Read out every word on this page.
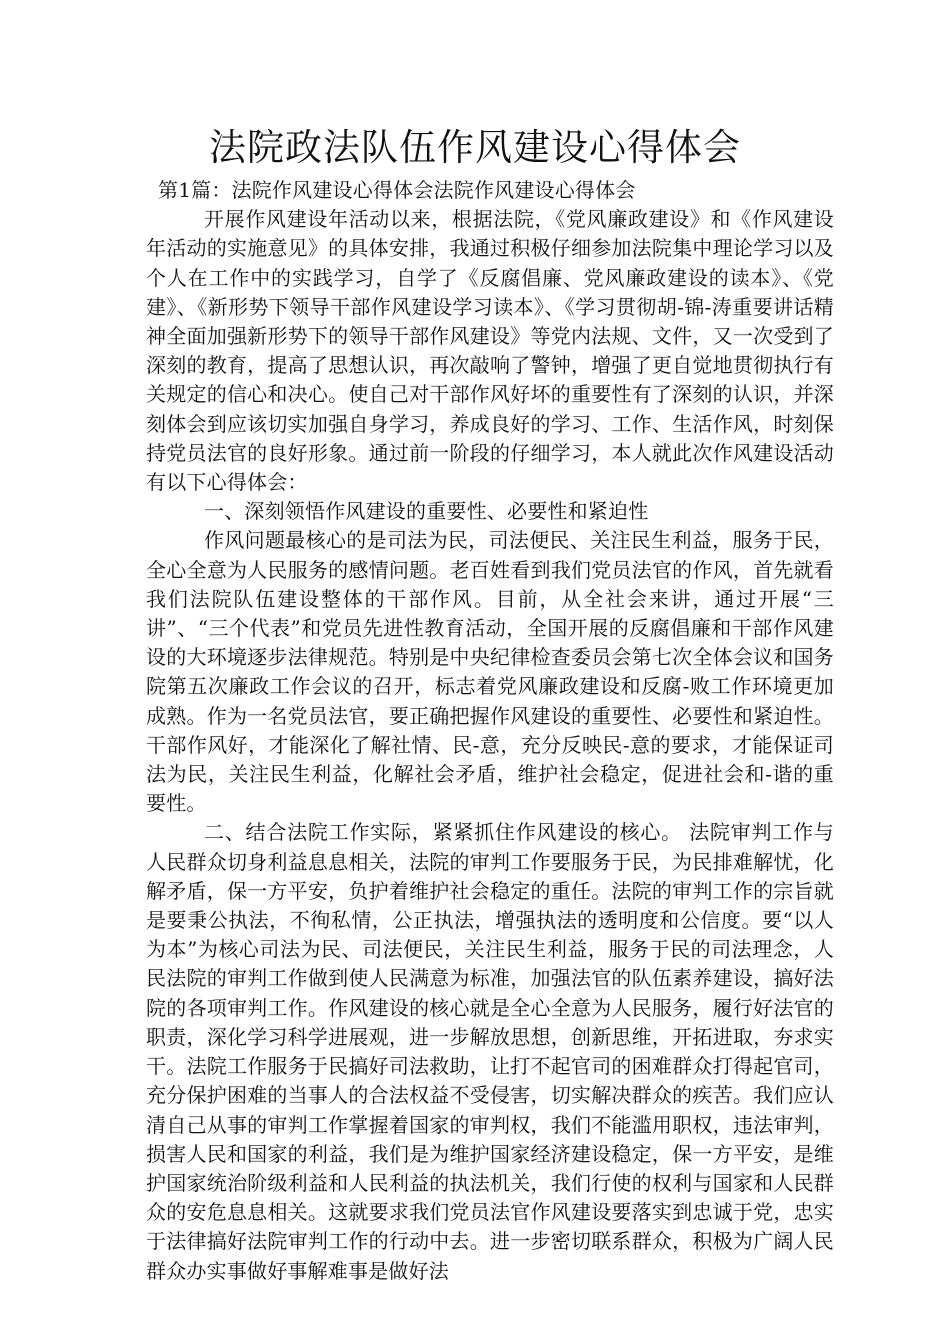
法院政法队伍作风建设心得体会

第1篇：法院作风建设心得体会法院作风建设心得体会

开展作风建设年活动以来，根据法院，《党风廉政建设》和《作风建设年活动的实施意见》的具体安排，我通过积极仔细参加法院集中理论学习以及个人在工作中的实践学习，自学了《反腐倡廉、党风廉政建设的读本》、《党建》、《新形势下领导干部作风建设学习读本》、《学习贯彻胡-锦-涛重要讲话精神全面加强新形势下的领导干部作风建设》等党内法规、文件，又一次受到了深刻的教育，提高了思想认识，再次敲响了警钟，增强了更自觉地贯彻执行有关规定的信心和决心。使自己对干部作风好坏的重要性有了深刻的认识，并深刻体会到应该切实加强自身学习，养成良好的学习、工作、生活作风，时刻保持党员法官的良好形象。通过前一阶段的仔细学习，本人就此次作风建设活动有以下心得体会：

一、深刻领悟作风建设的重要性、必要性和紧迫性

作风问题最核心的是司法为民，司法便民、关注民生利益，服务于民，全心全意为人民服务的感情问题。老百姓看到我们党员法官的作风，首先就看我们法院队伍建设整体的干部作风。目前，从全社会来讲，通过开展“三讲”、“三个代表”和党员先进性教育活动，全国开展的反腐倡廉和干部作风建设的大环境逐步法律规范。特别是中央纪律检查委员会第七次全体会议和国务院第五次廉政工作会议的召开，标志着党风廉政建设和反腐-败工作环境更加成熟。作为一名党员法官，要正确把握作风建设的重要性、必要性和紧迫性。干部作风好，才能深化了解社情、民-意，充分反映民-意的要求，才能保证司法为民，关注民生利益，化解社会矛盾，维护社会稳定，促进社会和-谐的重要性。

二、结合法院工作实际，紧紧抓住作风建设的核心。 法院审判工作与人民群众切身利益息息相关，法院的审判工作要服务于民，为民排难解忧，化解矛盾，保一方平安，负护着维护社会稳定的重任。法院的审判工作的宗旨就是要秉公执法，不徇私情，公正执法，增强执法的透明度和公信度。要“以人为本”为核心司法为民、司法便民，关注民生利益，服务于民的司法理念，人民法院的审判工作做到使人民满意为标准，加强法官的队伍素养建设，搞好法院的各项审判工作。作风建设的核心就是全心全意为人民服务，履行好法官的职责，深化学习科学进展观，进一步解放思想，创新思维，开拓进取，夯求实干。法院工作服务于民搞好司法救助，让打不起官司的困难群众打得起官司，充分保护困难的当事人的合法权益不受侵害，切实解决群众的疾苦。我们应认清自己从事的审判工作掌握着国家的审判权，我们不能滥用职权，违法审判，损害人民和国家的利益，我们是为维护国家经济建设稳定，保一方平安，是维护国家统治阶级利益和人民利益的执法机关，我们行使的权利与国家和人民群众的安危息息相关。这就要求我们党员法官作风建设要落实到忠诚于党，忠实于法律搞好法院审判工作的行动中去。进一步密切联系群众，积极为广阔人民群众办实事做好事解难事是做好法
